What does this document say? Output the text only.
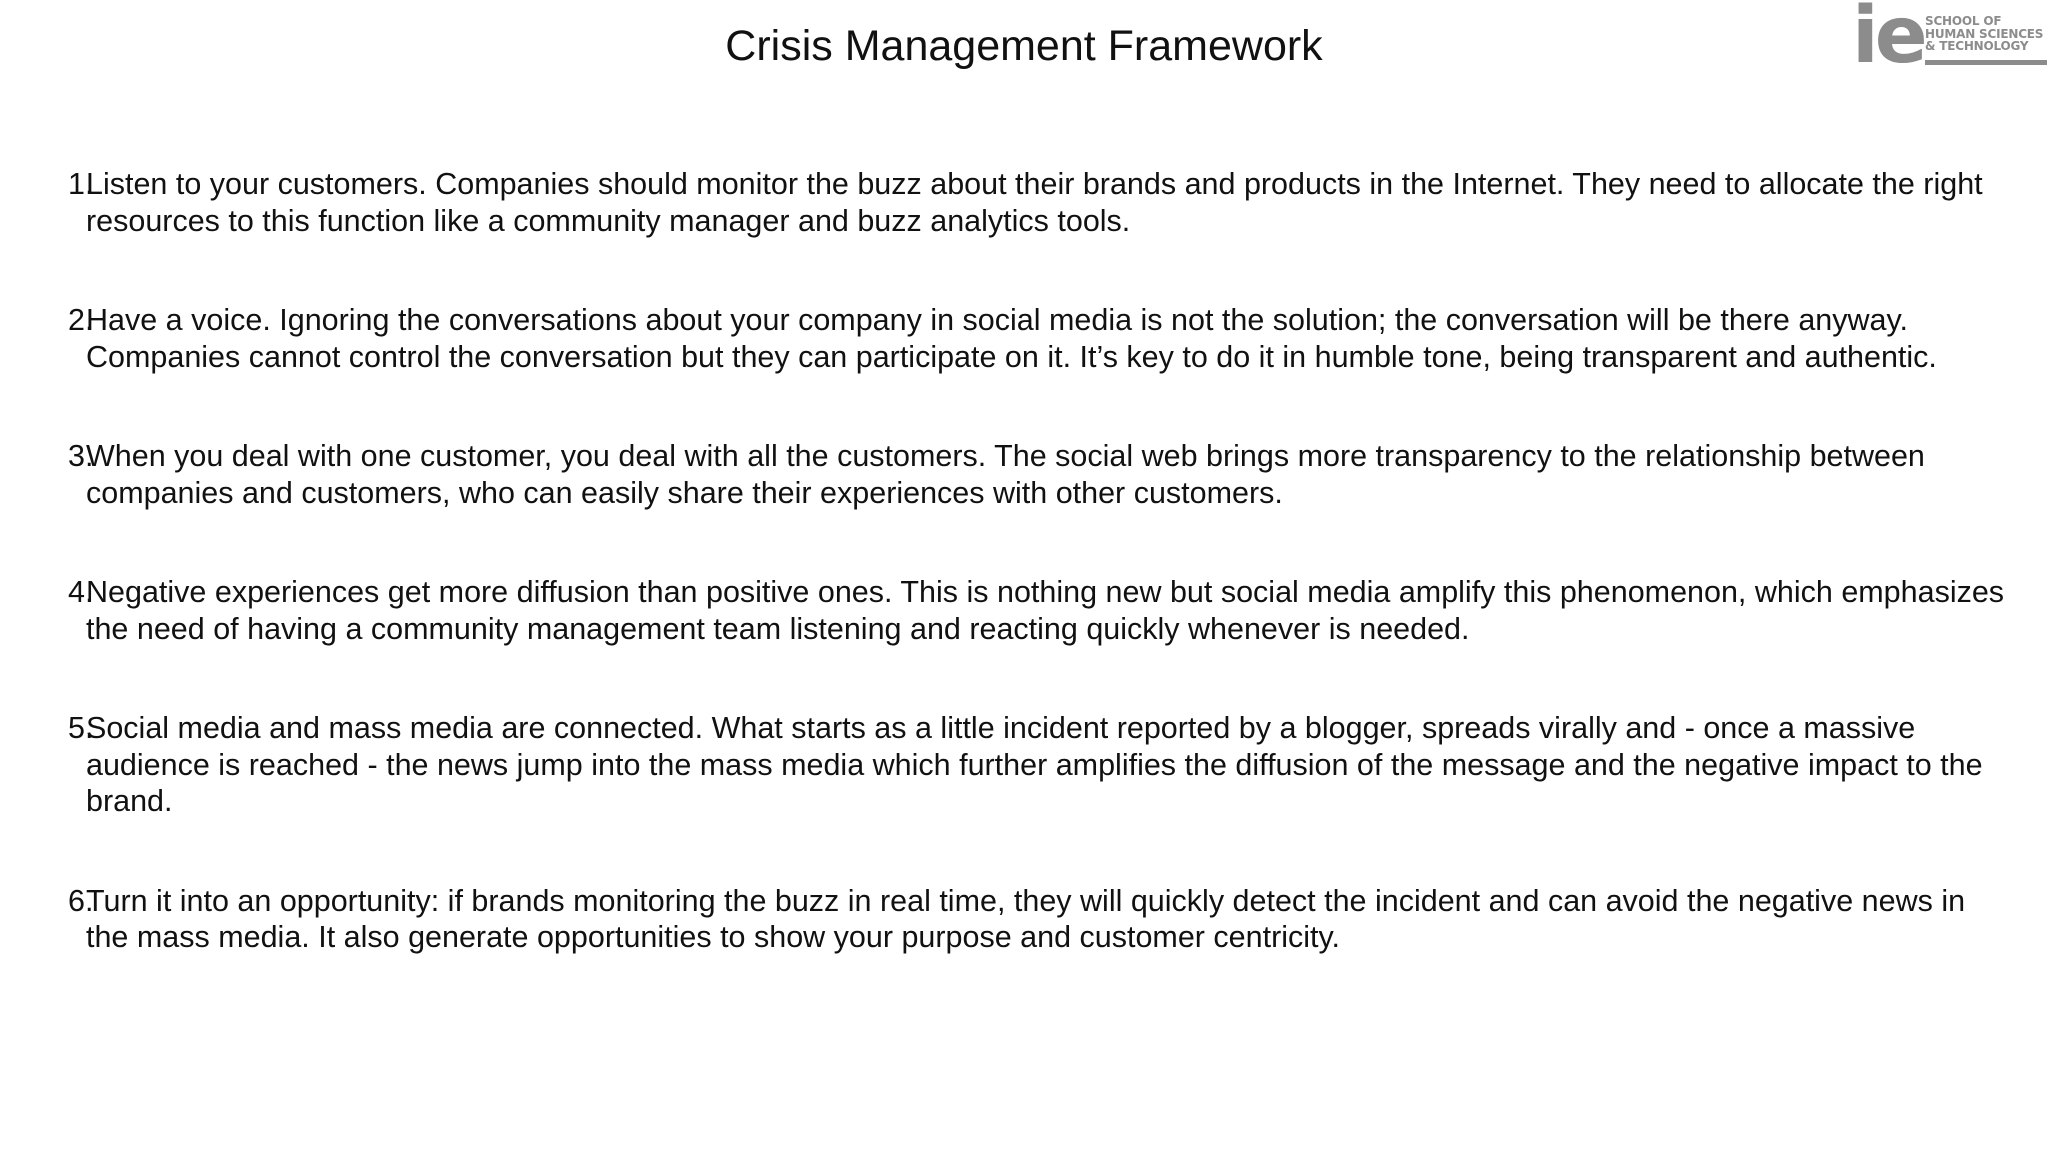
Crisis Management Framework	ie SCHOOL OF
HUMAN SCIENCES
& TECHNOLOGY

1.
Listen to your customers. Companies should monitor the buzz about their brands and products in the Internet. They need to allocate the right resources to this function like a community manager and buzz analytics tools.

2.
Have a voice. Ignoring the conversations about your company in social media is not the solution; the conversation will be there anyway. Companies cannot control the conversation but they can participate on it. It’s key to do it in humble tone, being transparent and authentic.

3.
When you deal with one customer, you deal with all the customers. The social web brings more transparency to the relationship between companies and customers, who can easily share their experiences with other customers.

4.
Negative experiences get more diffusion than positive ones. This is nothing new but social media amplify this phenomenon, which emphasizes the need of having a community management team listening and reacting quickly whenever is needed.

5.
Social media and mass media are connected. What starts as a little incident reported by a blogger, spreads virally and - once a massive audience is reached - the news jump into the mass media which further amplifies the diffusion of the message and the negative impact to the brand.

6.
Turn it into an opportunity: if brands monitoring the buzz in real time, they will quickly detect the incident and can avoid the negative news in the mass media. It also generate opportunities to show your purpose and customer centricity.
